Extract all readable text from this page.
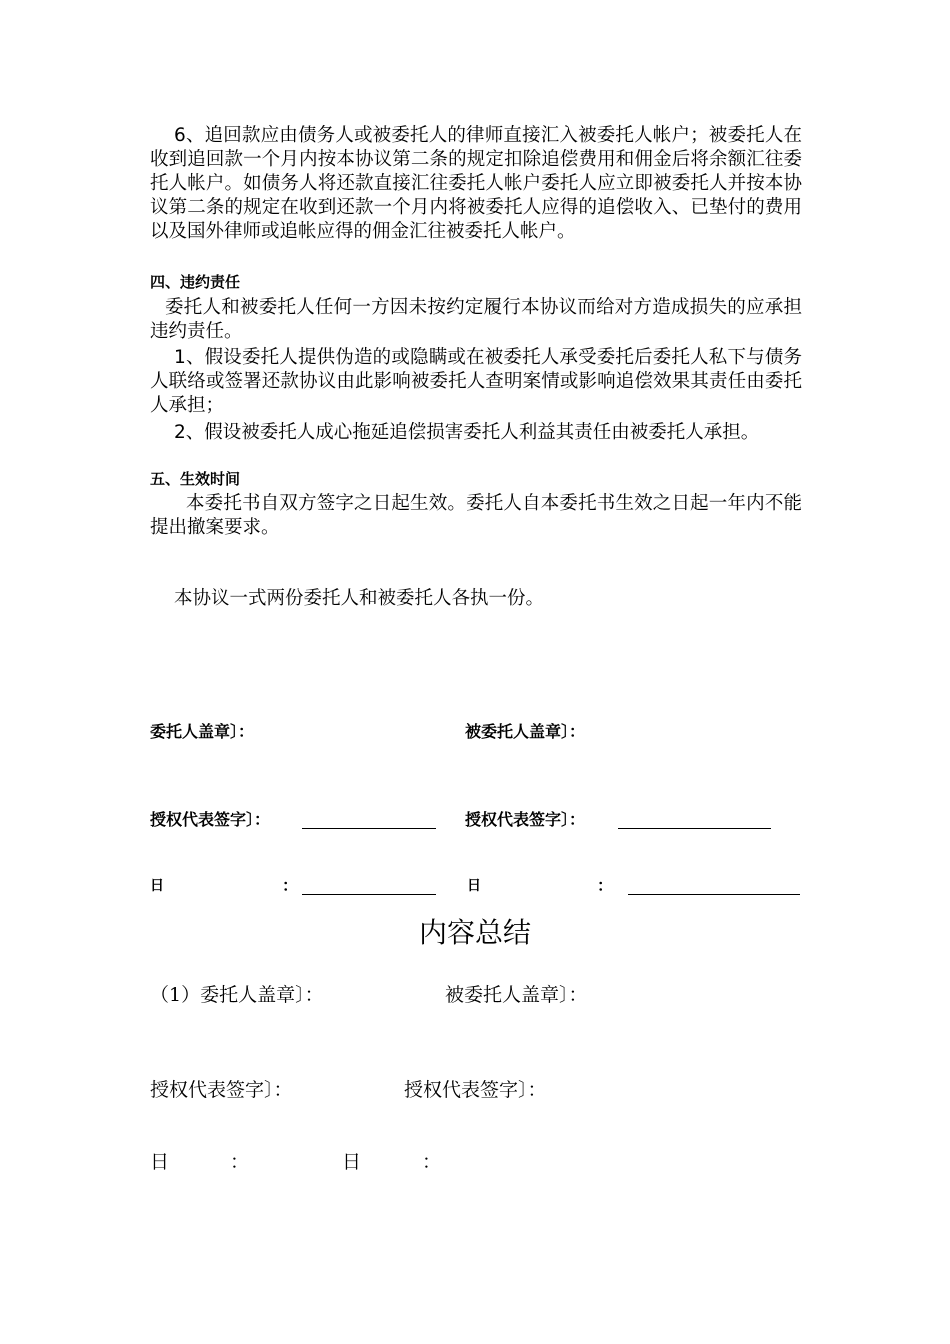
6、追回款应由债务人或被委托人的律师直接汇入被委托人帐户；被委托人在收到追回款一个月内按本协议第二条的规定扣除追偿费用和佣金后将余额汇往委托人帐户。如债务人将还款直接汇往委托人帐户委托人应立即被委托人并按本协议第二条的规定在收到还款一个月内将被委托人应得的追偿收入、已垫付的费用以及国外律师或追帐应得的佣金汇往被委托人帐户。

四、违约责任

委托人和被委托人任何一方因未按约定履行本协议而给对方造成损失的应承担违约责任。

1、假设委托人提供伪造的或隐瞒或在被委托人承受委托后委托人私下与债务人联络或签署还款协议由此影响被委托人查明案情或影响追偿效果其责任由委托人承担；

2、假设被委托人成心拖延追偿损害委托人利益其责任由被委托人承担。

五、生效时间

本委托书自双方签字之日起生效。委托人自本委托书生效之日起一年内不能提出撤案要求。

本协议一式两份委托人和被委托人各执一份。

委托人盖章〕：	被委托人盖章〕：
授权代表签字〕：	授权代表签字〕：
日	：	日	：
内容总结
（1）委托人盖章〕：	被委托人盖章〕：
授权代表签字〕：	授权代表签字〕：
日	：	日	：
